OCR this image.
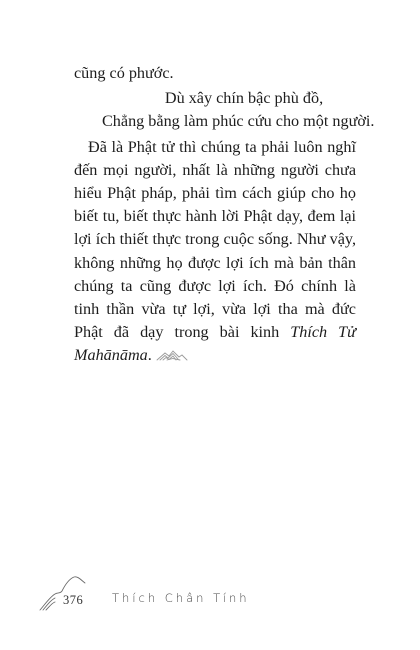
cũng có phước.

Dù xây chín bậc phù đồ,
Chẳng bằng làm phúc cứu cho một người.

Đã là Phật tử thì chúng ta phải luôn nghĩ đến mọi người, nhất là những người chưa hiểu Phật pháp, phải tìm cách giúp cho họ biết tu, biết thực hành lời Phật dạy, đem lại lợi ích thiết thực trong cuộc sống. Như vậy, không những họ được lợi ích mà bản thân chúng ta cũng được lợi ích. Đó chính là tinh thần vừa tự lợi, vừa lợi tha mà đức Phật đã dạy trong bài kinh Thích Tử Mahānāma.

376	Thích Chân Tính
